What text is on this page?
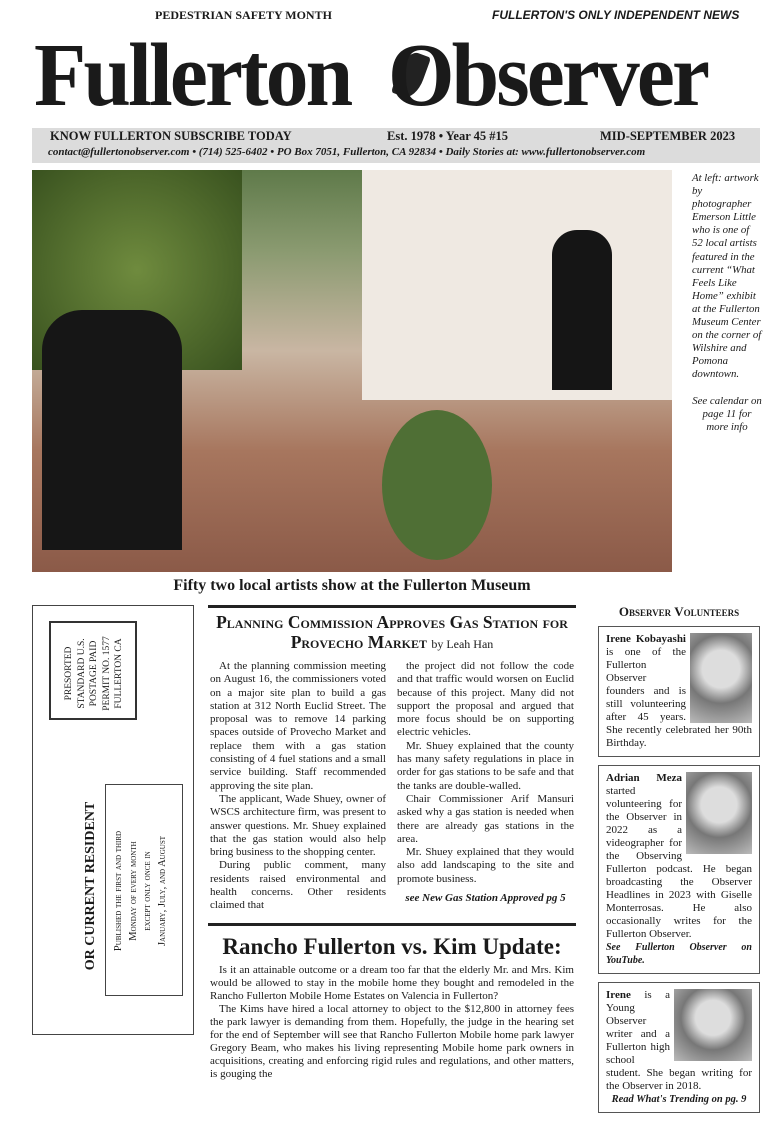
PEDESTRIAN SAFETY MONTH	FULLERTON'S ONLY INDEPENDENT NEWS
Fullerton Observer
KNOW FULLERTON SUBSCRIBE TODAY	Est. 1978 • Year 45 #15	MID-SEPTEMBER 2023
contact@fullertonobserver.com • (714) 525-6402 • PO Box 7051, Fullerton, CA 92834 • Daily Stories at: www.fullertonobserver.com
At left: artwork by photographer Emerson Little who is one of 52 local artists featured in the current “What Feels Like Home” exhibit at the Fullerton Museum Center on the corner of Wilshire and Pomona downtown.
See calendar on page 11 for more info
Fifty two local artists show at the Fullerton Museum
PRESORTED STANDARD U.S. POSTAGE PAID PERMIT NO. 1577 FULLERTON CA
OR CURRENT RESIDENT Published the first and third Monday of every month except only once in January, July, and August
Planning Commission Approves Gas Station for Provecho Market by Leah Han

At the planning commission meeting on August 16, the commissioners voted on a major site plan to build a gas station at 312 North Euclid Street. The proposal was to remove 14 parking spaces outside of Provecho Market and replace them with a gas station consisting of 4 fuel stations and a small service building. Staff recommended approving the site plan.

The applicant, Wade Shuey, owner of WSCS architecture firm, was present to answer questions. Mr. Shuey explained that the gas station would also help bring business to the shopping center.

During public comment, many residents raised environmental and health concerns. Other residents claimed that

the project did not follow the code and that traffic would worsen on Euclid because of this project. Many did not support the proposal and argued that more focus should be on supporting electric vehicles.

Mr. Shuey explained that the county has many safety regulations in place in order for gas stations to be safe and that the tanks are double-walled.

Chair Commissioner Arif Mansuri asked why a gas station is needed when there are already gas stations in the area.

Mr. Shuey explained that they would also add landscaping to the site and promote business.

see New Gas Station Approved pg 5
Rancho Fullerton vs. Kim Update:

Is it an attainable outcome or a dream too far that the elderly Mr. and Mrs. Kim would be allowed to stay in the mobile home they bought and remodeled in the Rancho Fullerton Mobile Home Estates on Valencia in Fullerton?

The Kims have hired a local attorney to object to the $12,800 in attorney fees the park lawyer is demanding from them. Hopefully, the judge in the hearing set for the end of September will see that Rancho Fullerton Mobile home park lawyer Gregory Beam, who makes his living representing Mobile home park owners in acquisitions, creating and enforcing rigid rules and regulations, and other matters, is gouging the

Observer Volunteers
Irene Kobayashi is one of the Fullerton Observer founders and is still volunteering after 45 years. She recently celebrated her 90th Birthday.
Adrian Meza started volunteering for the Observer in 2022 as a videographer for the Observing Fullerton podcast. He began broadcasting the Observer Headlines in 2023 with Giselle Monterrosas. He also occasionally writes for the Fullerton Observer.
See Fullerton Observer on YouTube.
Irene is a Young Observer writer and a Fullerton high school student. She began writing for the Observer in 2018.
Read What's Trending on pg. 9
